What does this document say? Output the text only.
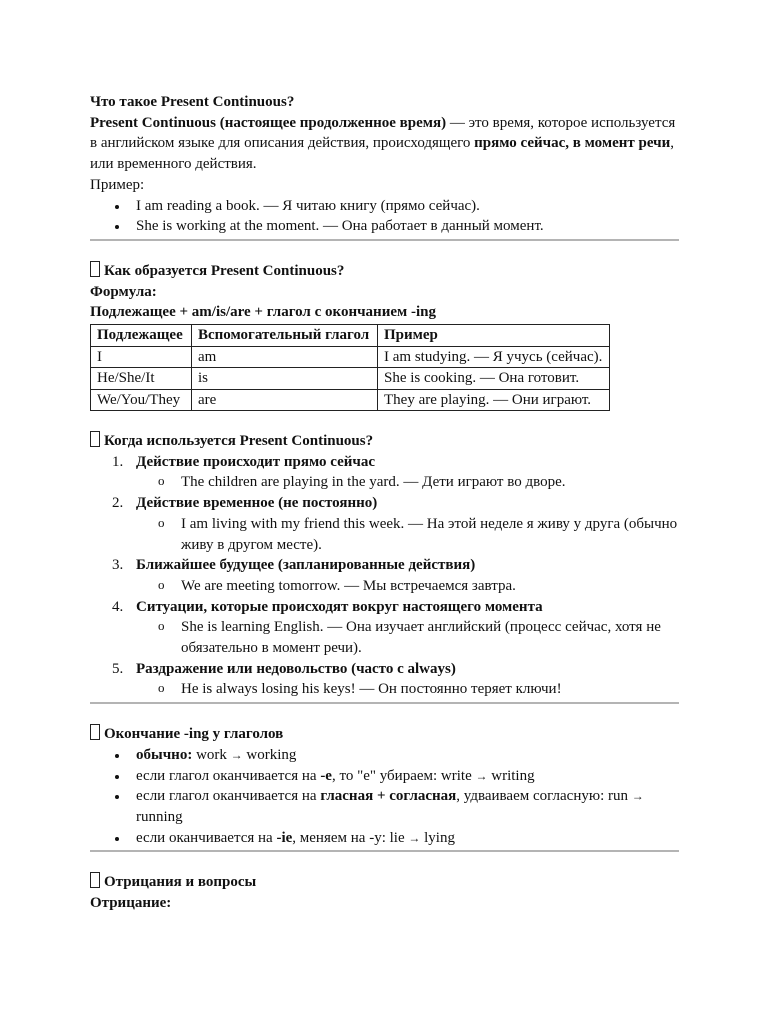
Что такое Present Continuous?

Present Continuous (настоящее продолженное время) — это время, которое используется в английском языке для описания действия, происходящего прямо сейчас, в момент речи, или временного действия.

Пример:

I am reading a book. — Я читаю книгу (прямо сейчас).
She is working at the moment. — Она работает в данный момент.

Как образуется Present Continuous?

Формула:

Подлежащее + am/is/are + глагол с окончанием -ing

Подлежащее	Вспомогательный глагол	Пример
I	am	I am studying. — Я учусь (сейчас).
He/She/It	is	She is cooking. — Она готовит.
We/You/They	are	They are playing. — Они играют.

Когда используется Present Continuous?

1. Действие происходит прямо сейчас
o The children are playing in the yard. — Дети играют во дворе.
2. Действие временное (не постоянно)
o I am living with my friend this week. — На этой неделе я живу у друга (обычно живу в другом месте).
3. Ближайшее будущее (запланированные действия)
o We are meeting tomorrow. — Мы встречаемся завтра.
4. Ситуации, которые происходят вокруг настоящего момента
o She is learning English. — Она изучает английский (процесс сейчас, хотя не обязательно в момент речи).
5. Раздражение или недовольство (часто с always)
o He is always losing his keys! — Он постоянно теряет ключи!

Окончание -ing у глаголов

обычно: work → working
если глагол оканчивается на -e, то "e" убираем: write → writing
если глагол оканчивается на гласная + согласная, удваиваем согласную: run → running
если оканчивается на -ie, меняем на -y: lie → lying

Отрицания и вопросы

Отрицание:
